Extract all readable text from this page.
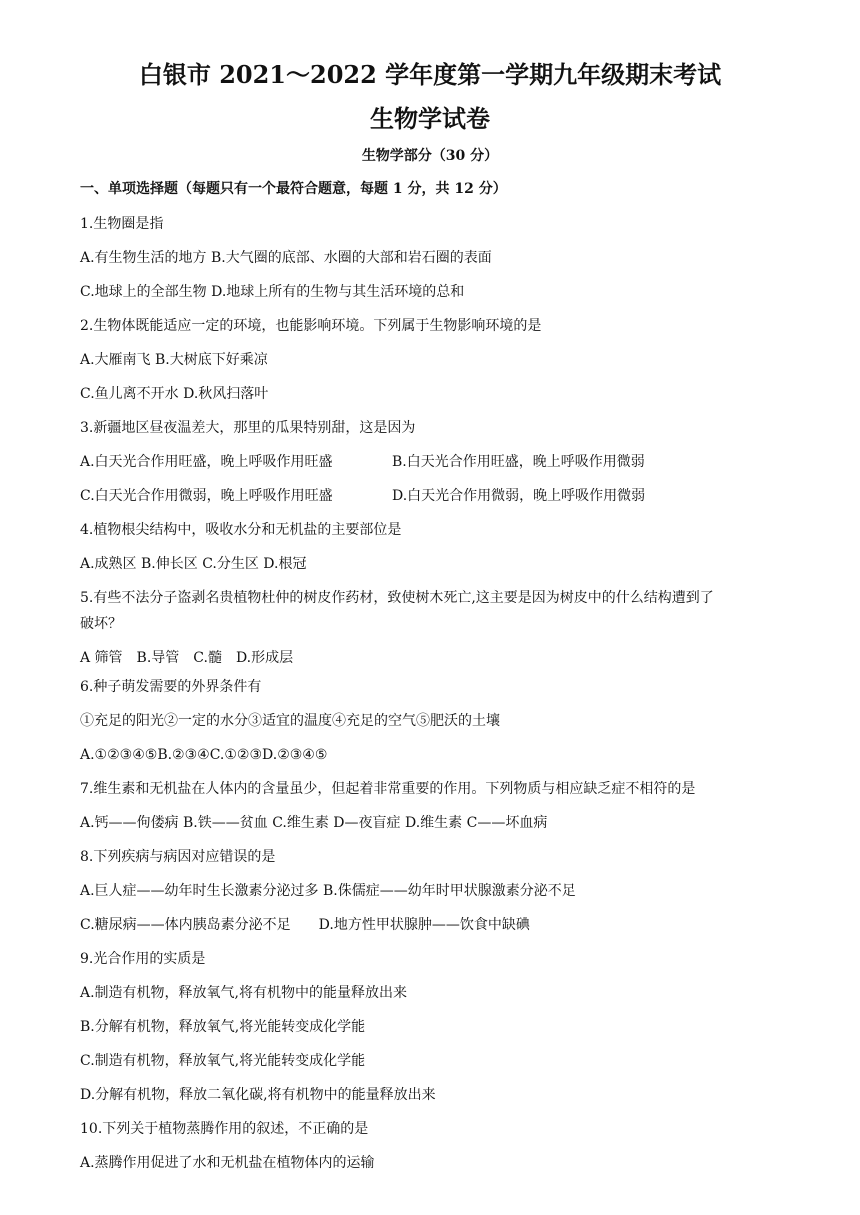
白银市 2021～2022 学年度第一学期九年级期末考试
生物学试卷
生物学部分（30 分）
一、单项选择题（每题只有一个最符合题意，每题 1 分，共 12 分）
1.生物圈是指
A.有生物生活的地方 B.大气圈的底部、水圈的大部和岩石圈的表面
C.地球上的全部生物 D.地球上所有的生物与其生活环境的总和
2.生物体既能适应一定的环境，也能影响环境。下列属于生物影响环境的是
A.大雁南飞 B.大树底下好乘凉
C.鱼儿离不开水 D.秋风扫落叶
3.新疆地区昼夜温差大，那里的瓜果特别甜，这是因为
A.白天光合作用旺盛，晚上呼吸作用旺盛	B.白天光合作用旺盛，晚上呼吸作用微弱
C.白天光合作用微弱，晚上呼吸作用旺盛	D.白天光合作用微弱，晚上呼吸作用微弱
4.植物根尖结构中，吸收水分和无机盐的主要部位是
A.成熟区 B.伸长区 C.分生区 D.根冠
5.有些不法分子盗剥名贵植物杜仲的树皮作药材，致使树木死亡,这主要是因为树皮中的什么结构遭到了
破坏？
A 筛管　B.导管　C.髓　D.形成层
6.种子萌发需要的外界条件有
①充足的阳光②一定的水分③适宜的温度④充足的空气⑤肥沃的土壤
A.①②③④⑤B.②③④C.①②③D.②③④⑤
7.维生素和无机盐在人体内的含量虽少，但起着非常重要的作用。下列物质与相应缺乏症不相符的是
A.钙——佝偻病 B.铁——贫血 C.维生素 D—夜盲症 D.维生素 C——坏血病
8.下列疾病与病因对应错误的是
A.巨人症——幼年时生长激素分泌过多 B.侏儒症——幼年时甲状腺激素分泌不足
C.糖尿病——体内胰岛素分泌不足　　D.地方性甲状腺肿——饮食中缺碘
9.光合作用的实质是
A.制造有机物，释放氧气,将有机物中的能量释放出来
B.分解有机物，释放氧气,将光能转变成化学能
C.制造有机物，释放氧气,将光能转变成化学能
D.分解有机物，释放二氧化碳,将有机物中的能量释放出来
10.下列关于植物蒸腾作用的叙述，不正确的是
A.蒸腾作用促进了水和无机盐在植物体内的运输
